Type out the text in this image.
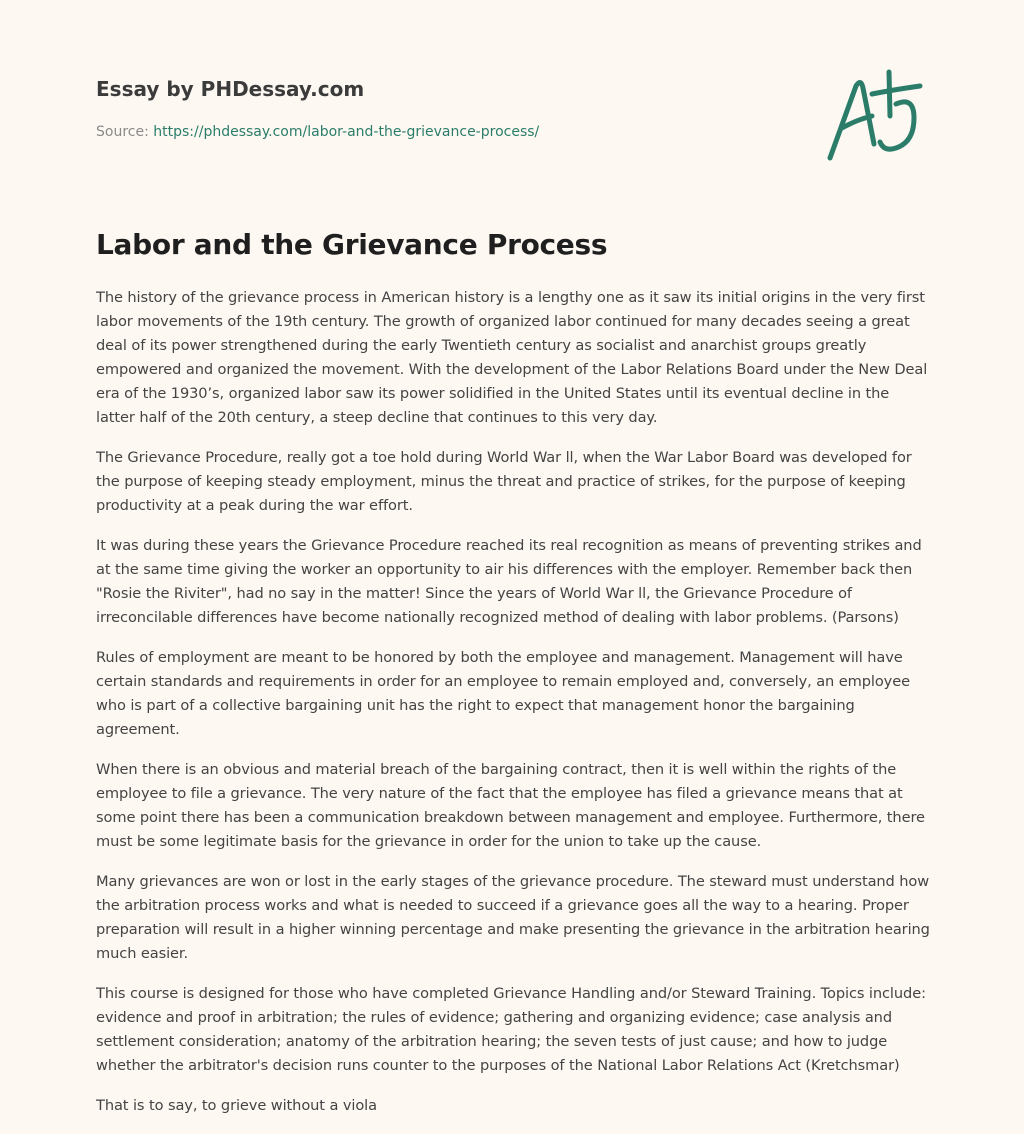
Essay by PHDessay.com
Source: https://phdessay.com/labor-and-the-grievance-process/
Labor and the Grievance Process

The history of the grievance process in American history is a lengthy one as it saw its initial origins in the very first labor movements of the 19th century. The growth of organized labor continued for many decades seeing a great deal of its power strengthened during the early Twentieth century as socialist and anarchist groups greatly empowered and organized the movement. With the development of the Labor Relations Board under the New Deal era of the 1930’s, organized labor saw its power solidified in the United States until its eventual decline in the latter half of the 20th century, a steep decline that continues to this very day.

The Grievance Procedure, really got a toe hold during World War ll, when the War Labor Board was developed for the purpose of keeping steady employment, minus the threat and practice of strikes, for the purpose of keeping productivity at a peak during the war effort.

It was during these years the Grievance Procedure reached its real recognition as means of preventing strikes and at the same time giving the worker an opportunity to air his differences with the employer. Remember back then "Rosie the Riviter", had no say in the matter! Since the years of World War ll, the Grievance Procedure of irreconcilable differences have become nationally recognized method of dealing with labor problems. (Parsons)

Rules of employment are meant to be honored by both the employee and management. Management will have certain standards and requirements in order for an employee to remain employed and, conversely, an employee who is part of a collective bargaining unit has the right to expect that management honor the bargaining agreement.

When there is an obvious and material breach of the bargaining contract, then it is well within the rights of the employee to file a grievance. The very nature of the fact that the employee has filed a grievance means that at some point there has been a communication breakdown between management and employee. Furthermore, there must be some legitimate basis for the grievance in order for the union to take up the cause.

Many grievances are won or lost in the early stages of the grievance procedure. The steward must understand how the arbitration process works and what is needed to succeed if a grievance goes all the way to a hearing. Proper preparation will result in a higher winning percentage and make presenting the grievance in the arbitration hearing much easier.

This course is designed for those who have completed Grievance Handling and/or Steward Training. Topics include: evidence and proof in arbitration; the rules of evidence; gathering and organizing evidence; case analysis and settlement consideration; anatomy of the arbitration hearing; the seven tests of just cause; and how to judge whether the arbitrator's decision runs counter to the purposes of the National Labor Relations Act (Kretchsmar)

That is to say, to grieve without a viola
